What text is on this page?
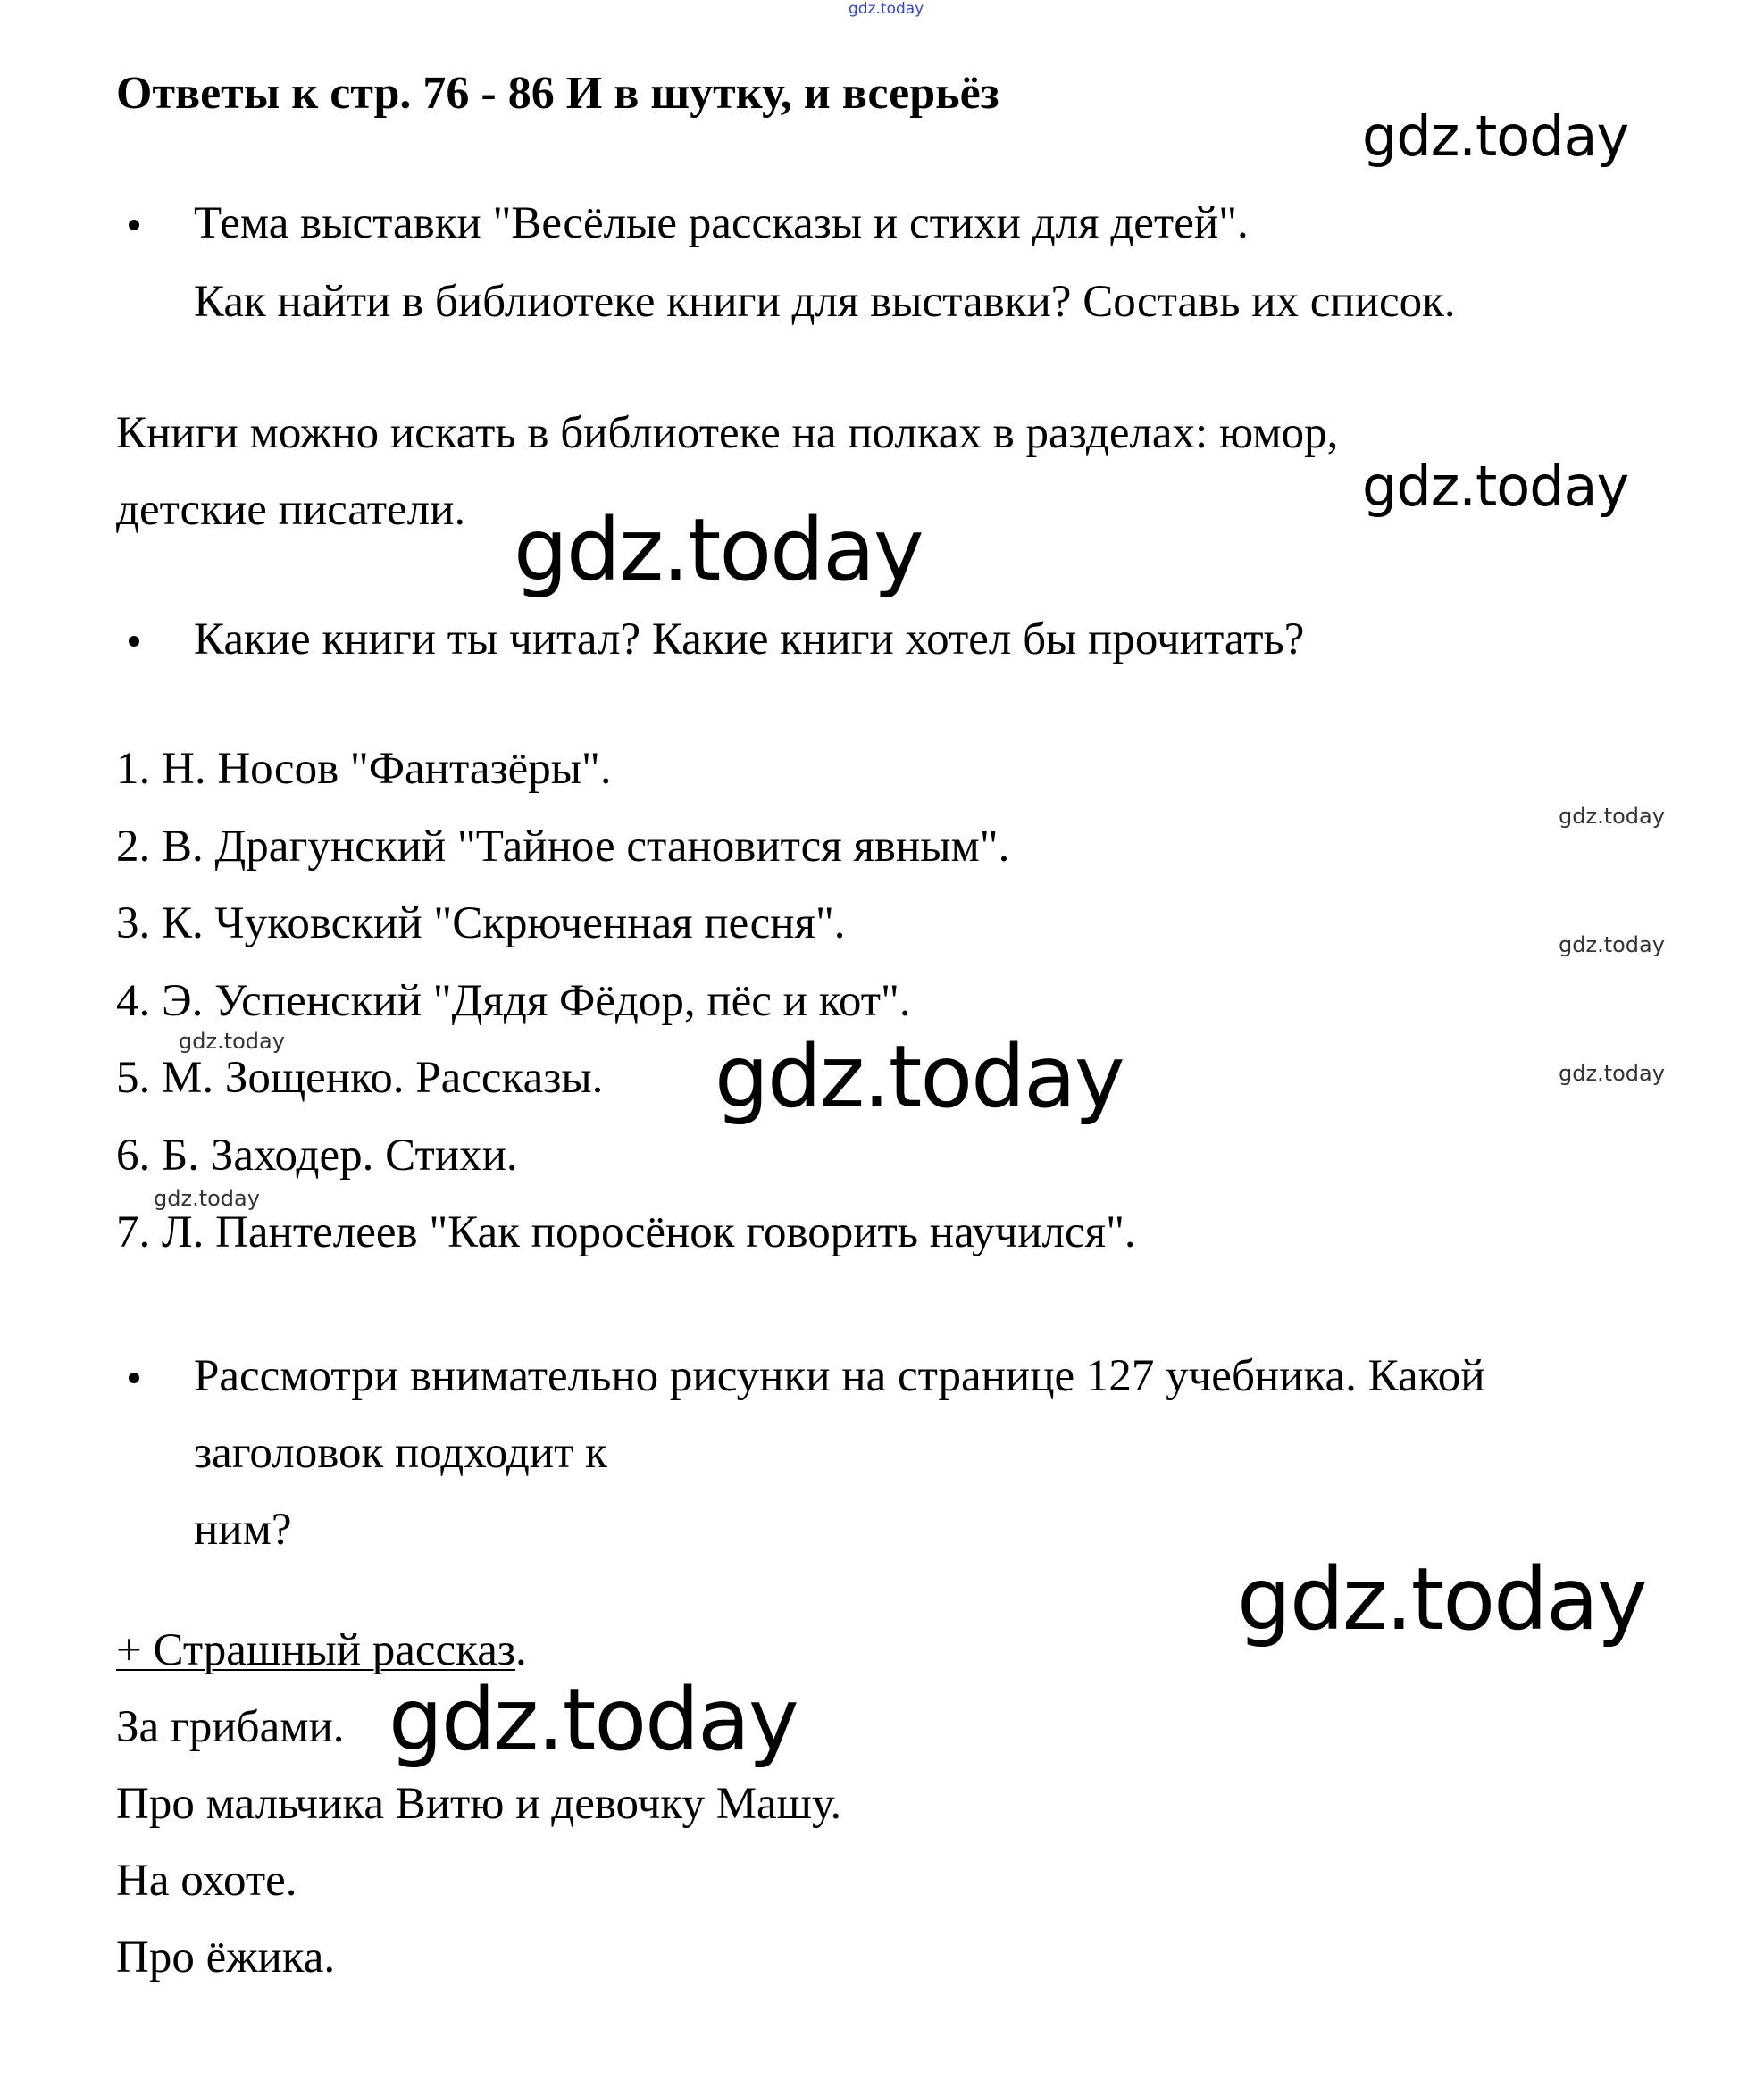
gdz.today
gdz.today
gdz.today
gdz.today
gdz.today
gdz.today
gdz.today	gdz.today	gdz.today
gdz.today
gdz.today
gdz.today
Ответы к стр. 76 - 86 И в шутку, и всерьёз
Тема выставки "Весёлые рассказы и стихи для детей".
Как найти в библиотеке книги для выставки? Составь их список.
Книги можно искать в библиотеке на полках в разделах: юмор,
детские писатели.
Какие книги ты читал? Какие книги хотел бы прочитать?
1. Н. Носов "Фантазёры".
2. В. Драгунский "Тайное становится явным".
3. К. Чуковский "Скрюченная песня".
4. Э. Успенский "Дядя Фёдор, пёс и кот".
5. М. Зощенко. Рассказы.
6. Б. Заходер. Стихи.
7. Л. Пантелеев "Как поросёнок говорить научился".
Рассмотри внимательно рисунки на странице 127 учебника. Какой
заголовок подходит к
ним?
+ Страшный рассказ.
За грибами.
Про мальчика Витю и девочку Машу.
На охоте.
Про ёжика.
